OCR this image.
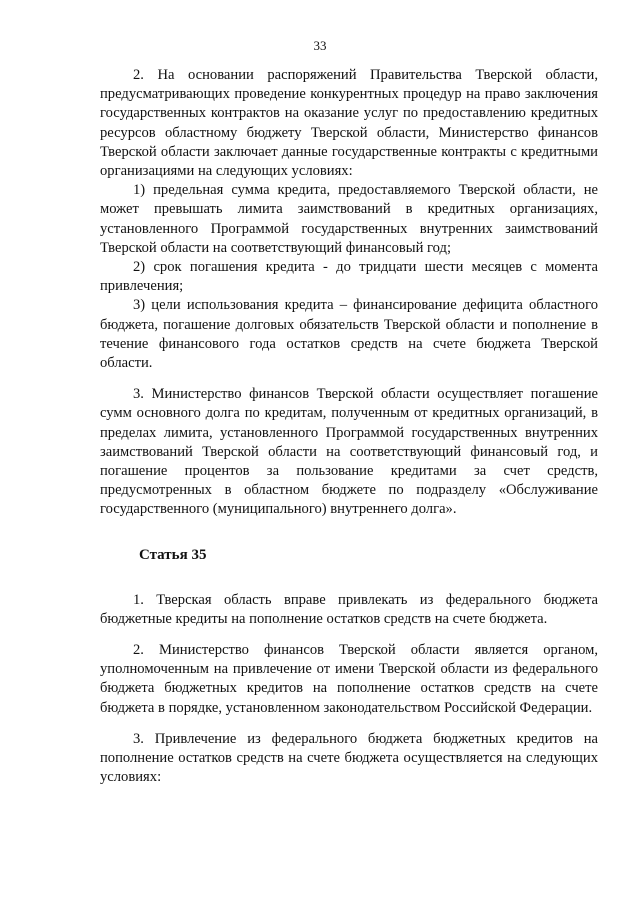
33

2. На основании распоряжений Правительства Тверской области, предусматривающих проведение конкурентных процедур на право заключения государственных контрактов на оказание услуг по предоставлению кредитных ресурсов областному бюджету Тверской области, Министерство финансов Тверской области заключает данные государственные контракты с кредитными организациями на следующих условиях:

1) предельная сумма кредита, предоставляемого Тверской области, не может превышать лимита заимствований в кредитных организациях, установленного Программой государственных внутренних заимствований Тверской области на соответствующий финансовый год;

2) срок погашения кредита - до тридцати шести месяцев с момента привлечения;

3) цели использования кредита – финансирование дефицита областного бюджета, погашение долговых обязательств Тверской области и пополнение в течение финансового года остатков средств на счете бюджета Тверской области.

3. Министерство финансов Тверской области осуществляет погашение сумм основного долга по кредитам, полученным от кредитных организаций, в пределах лимита, установленного Программой государственных внутренних заимствований Тверской области на соответствующий финансовый год, и погашение процентов за пользование кредитами за счет средств, предусмотренных в областном бюджете по подразделу «Обслуживание государственного (муниципального) внутреннего долга».

Статья 35

1. Тверская область вправе привлекать из федерального бюджета бюджетные кредиты на пополнение остатков средств на счете бюджета.

2. Министерство финансов Тверской области является органом, уполномоченным на привлечение от имени Тверской области из федерального бюджета бюджетных кредитов на пополнение остатков средств на счете бюджета в порядке, установленном законодательством Российской Федерации.

3. Привлечение из федерального бюджета бюджетных кредитов на пополнение остатков средств на счете бюджета осуществляется на следующих условиях:
